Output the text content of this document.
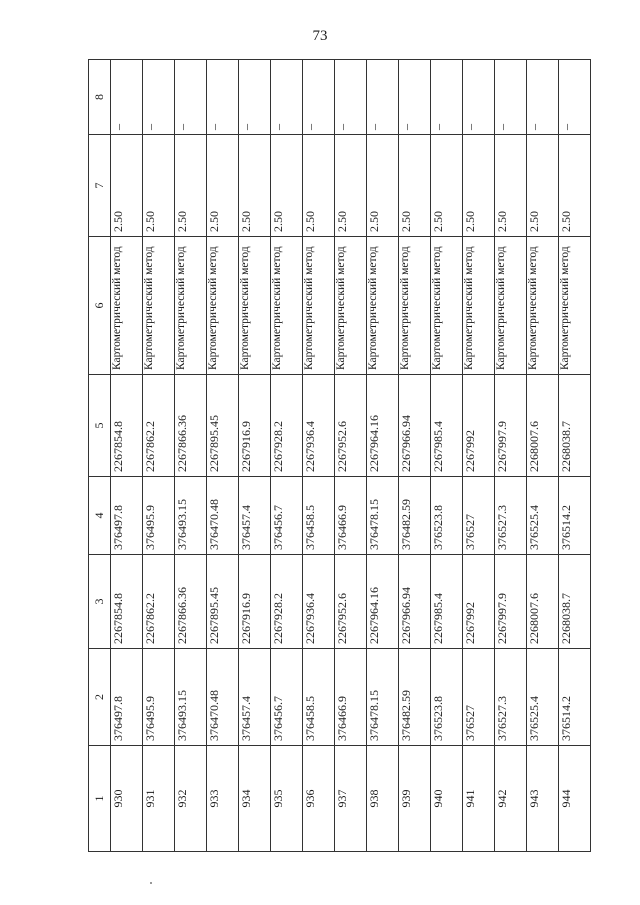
73
1	2	3	4	5	6	7	8
930	376497.8	2267854.8	376497.8	2267854.8	Картометрический метод	2.50	–
931	376495.9	2267862.2	376495.9	2267862.2	Картометрический метод	2.50	–
932	376493.15	2267866.36	376493.15	2267866.36	Картометрический метод	2.50	–
933	376470.48	2267895.45	376470.48	2267895.45	Картометрический метод	2.50	–
934	376457.4	2267916.9	376457.4	2267916.9	Картометрический метод	2.50	–
935	376456.7	2267928.2	376456.7	2267928.2	Картометрический метод	2.50	–
936	376458.5	2267936.4	376458.5	2267936.4	Картометрический метод	2.50	–
937	376466.9	2267952.6	376466.9	2267952.6	Картометрический метод	2.50	–
938	376478.15	2267964.16	376478.15	2267964.16	Картометрический метод	2.50	–
939	376482.59	2267966.94	376482.59	2267966.94	Картометрический метод	2.50	–
940	376523.8	2267985.4	376523.8	2267985.4	Картометрический метод	2.50	–
941	376527	2267992	376527	2267992	Картометрический метод	2.50	–
942	376527.3	2267997.9	376527.3	2267997.9	Картометрический метод	2.50	–
943	376525.4	2268007.6	376525.4	2268007.6	Картометрический метод	2.50	–
944	376514.2	2268038.7	376514.2	2268038.7	Картометрический метод	2.50	–
